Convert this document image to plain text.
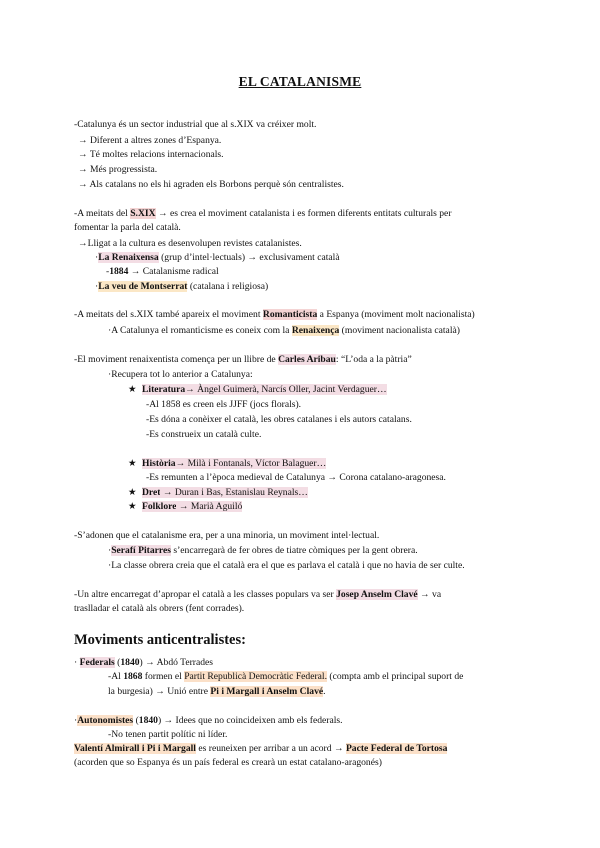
EL CATALANISME
-Catalunya és un sector industrial que al s.XIX va créixer molt.
→ Diferent a altres zones d’Espanya.
→ Té moltes relacions internacionals.
→ Més progressista.
→ Als catalans no els hi agraden els Borbons perquè són centralistes.
-A meitats del S.XIX → es crea el moviment catalanista i es formen diferents entitats culturals per
fomentar la parla del català.
→Lligat a la cultura es desenvolupen revistes catalanistes.
·La Renaixensa (grup d’intel·lectuals) → exclusivament català
-1884 → Catalanisme radical
·La veu de Montserrat (catalana i religiosa)
-A meitats del s.XIX també apareix el moviment Romanticista a Espanya (moviment molt nacionalista)
·A Catalunya el romanticisme es coneix com la Renaixença (moviment nacionalista català)
-El moviment renaixentista comença per un llibre de Carles Aribau: “L’oda a la pàtria”
·Recupera tot lo anterior a Catalunya:
★ Literatura→ Àngel Guimerà, Narcís Oller, Jacint Verdaguer…
-Al 1858 es creen els JJFF (jocs florals).
-Es dóna a conèixer el català, les obres catalanes i els autors catalans.
-Es construeix un català culte.
★ Història→ Milà i Fontanals, Víctor Balaguer…
-Es remunten a l’època medieval de Catalunya → Corona catalano-aragonesa.
★ Dret → Duran i Bas, Estanislau Reynals…
★ Folklore → Marià Aguiló
-S’adonen que el catalanisme era, per a una minoria, un moviment intel·lectual.
·Serafí Pitarres s’encarregarà de fer obres de tiatre còmiques per la gent obrera.
·La classe obrera creia que el català era el que es parlava el català i que no havia de ser culte.
-Un altre encarregat d’apropar el català a les classes populars va ser Josep Anselm Clavé → va
traslladar el català als obrers (fent corrades).
Moviments anticentralistes:
· Federals (1840) → Abdó Terrades
-Al 1868 formen el Partit Republicà Democràtic Federal. (compta amb el principal suport de
la burgesia) → Unió entre Pi i Margall i Anselm Clavé.
·Autonomistes (1840) → Idees que no coincideixen amb els federals.
-No tenen partit polític ni líder.
Valentí Almirall i Pi i Margall es reuneixen per arribar a un acord → Pacte Federal de Tortosa
(acorden que so Espanya és un país federal es crearà un estat catalano-aragonés)
